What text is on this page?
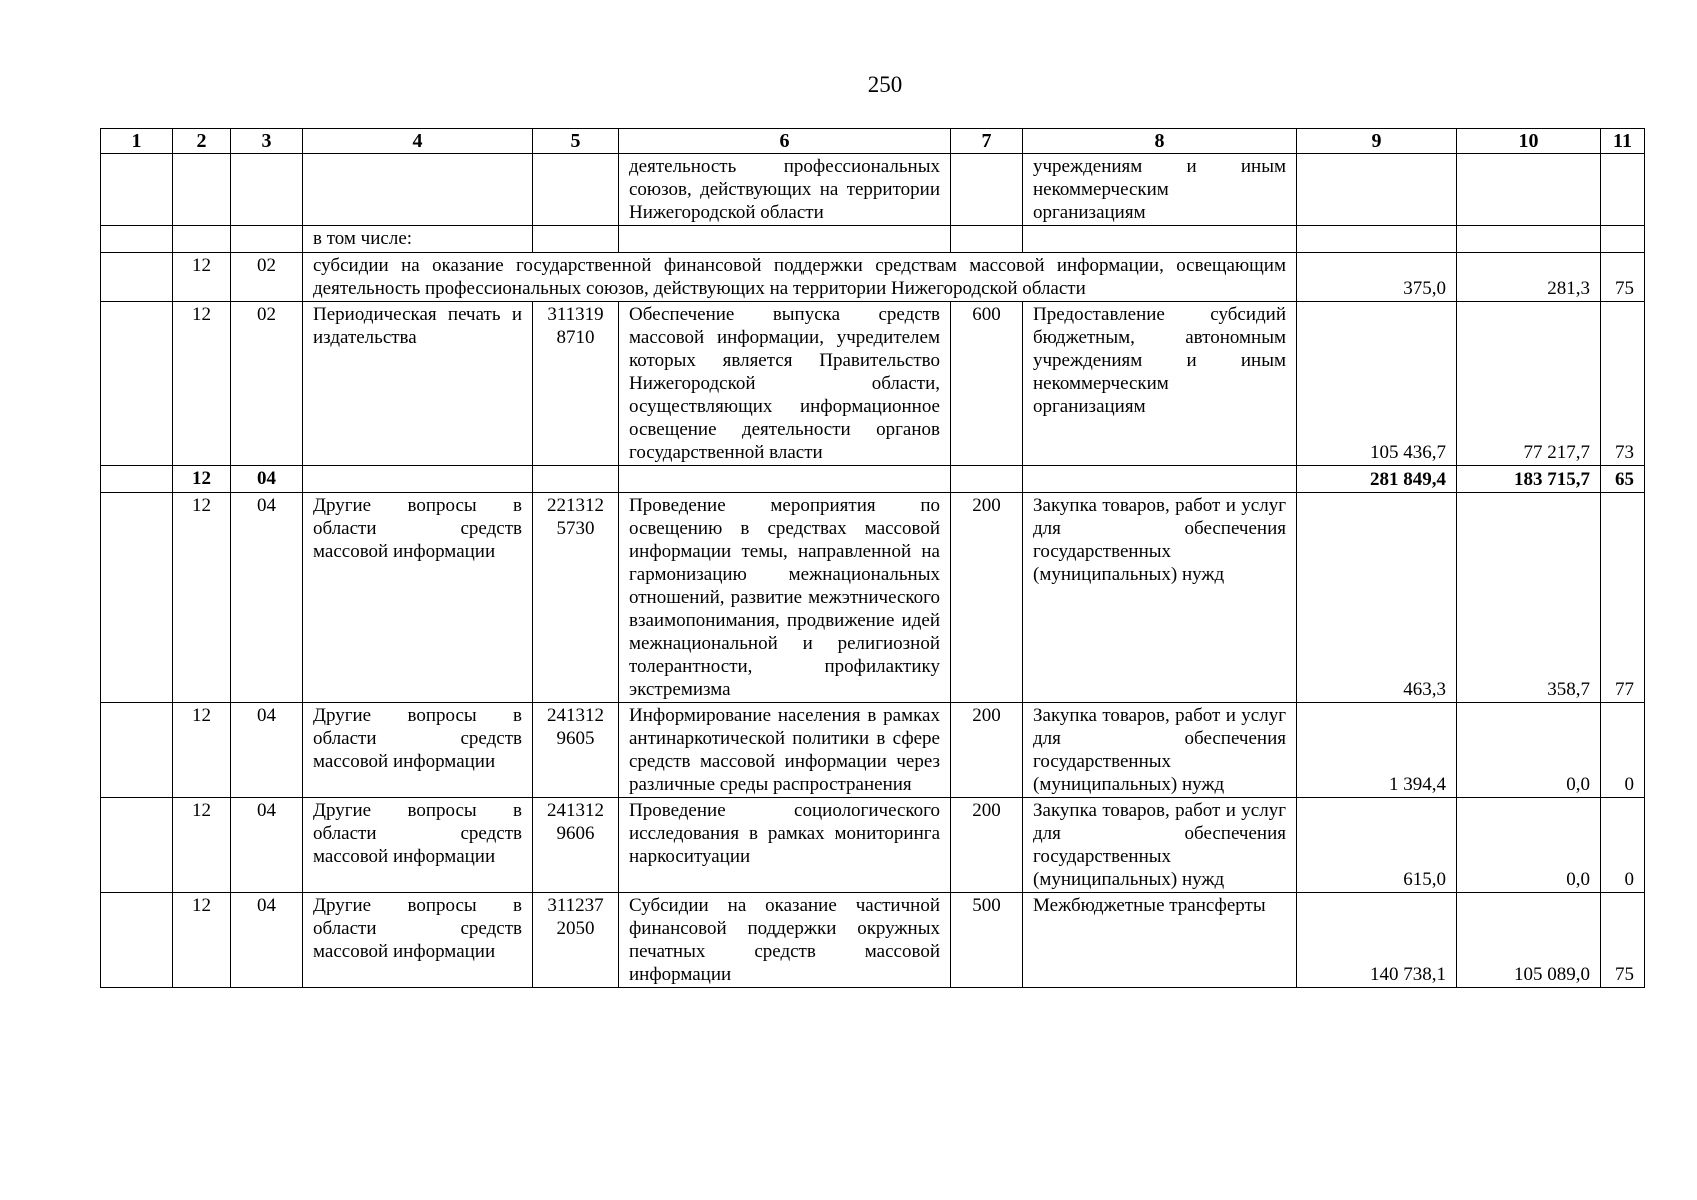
250
1	2	3	4	5	6	7	8	9	10	11
					деятельность профессиональных союзов, действующих на территории Нижегородской области		учреждениям и иным некоммерческим организациям			
			в том числе:							
	12	02	субсидии на оказание государственной финансовой поддержки средствам массовой информации, освещающим деятельность профессиональных союзов, действующих на территории Нижегородской области					375,0	281,3	75
	12	02	Периодическая печать и издательства	311319 8710	Обеспечение выпуска средств массовой информации, учредителем которых является Правительство Нижегородской области, осуществляющих информационное освещение деятельности органов государственной власти	600	Предоставление субсидий бюджетным, автономным учреждениям и иным некоммерческим организациям	105 436,7	77 217,7	73
	12	04						281 849,4	183 715,7	65
	12	04	Другие вопросы в области средств массовой информации	221312 5730	Проведение мероприятия по освещению в средствах массовой информации темы, направленной на гармонизацию межнациональных отношений, развитие межэтнического взаимопонимания, продвижение идей межнациональной и религиозной толерантности, профилактику экстремизма	200	Закупка товаров, работ и услуг для обеспечения государственных (муниципальных) нужд	463,3	358,7	77
	12	04	Другие вопросы в области средств массовой информации	241312 9605	Информирование населения в рамках антинаркотической политики в сфере средств массовой информации через различные среды распространения	200	Закупка товаров, работ и услуг для обеспечения государственных (муниципальных) нужд	1 394,4	0,0	0
	12	04	Другие вопросы в области средств массовой информации	241312 9606	Проведение социологического исследования в рамках мониторинга наркоситуации	200	Закупка товаров, работ и услуг для обеспечения государственных (муниципальных) нужд	615,0	0,0	0
	12	04	Другие вопросы в области средств массовой информации	311237 2050	Субсидии на оказание частичной финансовой поддержки окружных печатных средств массовой информации	500	Межбюджетные трансферты	140 738,1	105 089,0	75
